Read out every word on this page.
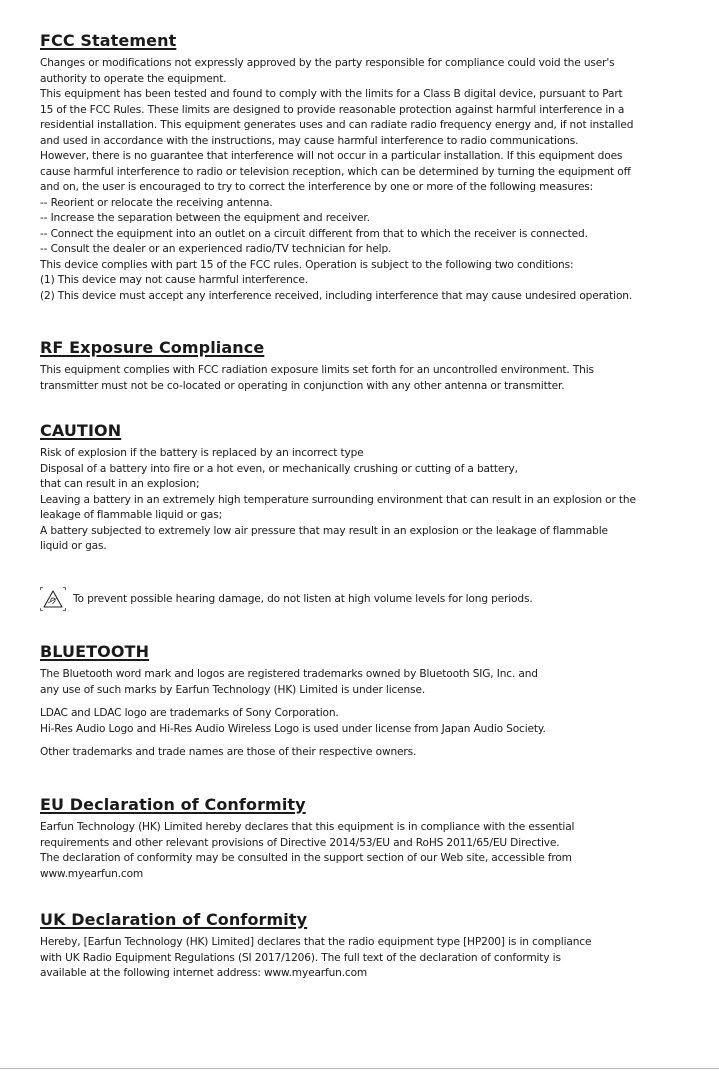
FCC Statement
Changes or modifications not expressly approved by the party responsible for compliance could void the user's
authority to operate the equipment.
This equipment has been tested and found to comply with the limits for a Class B digital device, pursuant to Part
15 of the FCC Rules. These limits are designed to provide reasonable protection against harmful interference in a
residential installation. This equipment generates uses and can radiate radio frequency energy and, if not installed
and used in accordance with the instructions, may cause harmful interference to radio communications.
However, there is no guarantee that interference will not occur in a particular installation. If this equipment does
cause harmful interference to radio or television reception, which can be determined by turning the equipment off
and on, the user is encouraged to try to correct the interference by one or more of the following measures:
-- Reorient or relocate the receiving antenna.
-- Increase the separation between the equipment and receiver.
-- Connect the equipment into an outlet on a circuit different from that to which the receiver is connected.
-- Consult the dealer or an experienced radio/TV technician for help.
This device complies with part 15 of the FCC rules. Operation is subject to the following two conditions:
(1) This device may not cause harmful interference.
(2) This device must accept any interference received, including interference that may cause undesired operation.
RF Exposure Compliance
This equipment complies with FCC radiation exposure limits set forth for an uncontrolled environment. This
transmitter must not be co-located or operating in conjunction with any other antenna or transmitter.
CAUTION
Risk of explosion if the battery is replaced by an incorrect type
Disposal of a battery into fire or a hot even, or mechanically crushing or cutting of a battery,
that can result in an explosion;
Leaving a battery in an extremely high temperature surrounding environment that can result in an explosion or the
leakage of flammable liquid or gas;
A battery subjected to extremely low air pressure that may result in an explosion or the leakage of flammable
liquid or gas.
To prevent possible hearing damage, do not listen at high volume levels for long periods.
BLUETOOTH
The Bluetooth word mark and logos are registered trademarks owned by Bluetooth SIG, Inc. and
any use of such marks by Earfun Technology (HK) Limited is under license.
LDAC and LDAC logo are trademarks of Sony Corporation.
Hi-Res Audio Logo and Hi-Res Audio Wireless Logo is used under license from Japan Audio Society.
Other trademarks and trade names are those of their respective owners.
EU Declaration of Conformity
Earfun Technology (HK) Limited hereby declares that this equipment is in compliance with the essential
requirements and other relevant provisions of Directive 2014/53/EU and RoHS 2011/65/EU Directive.
The declaration of conformity may be consulted in the support section of our Web site, accessible from
www.myearfun.com
UK Declaration of Conformity
Hereby, [Earfun Technology (HK) Limited] declares that the radio equipment type [HP200] is in compliance
with UK Radio Equipment Regulations (SI 2017/1206). The full text of the declaration of conformity is
available at the following internet address: www.myearfun.com
